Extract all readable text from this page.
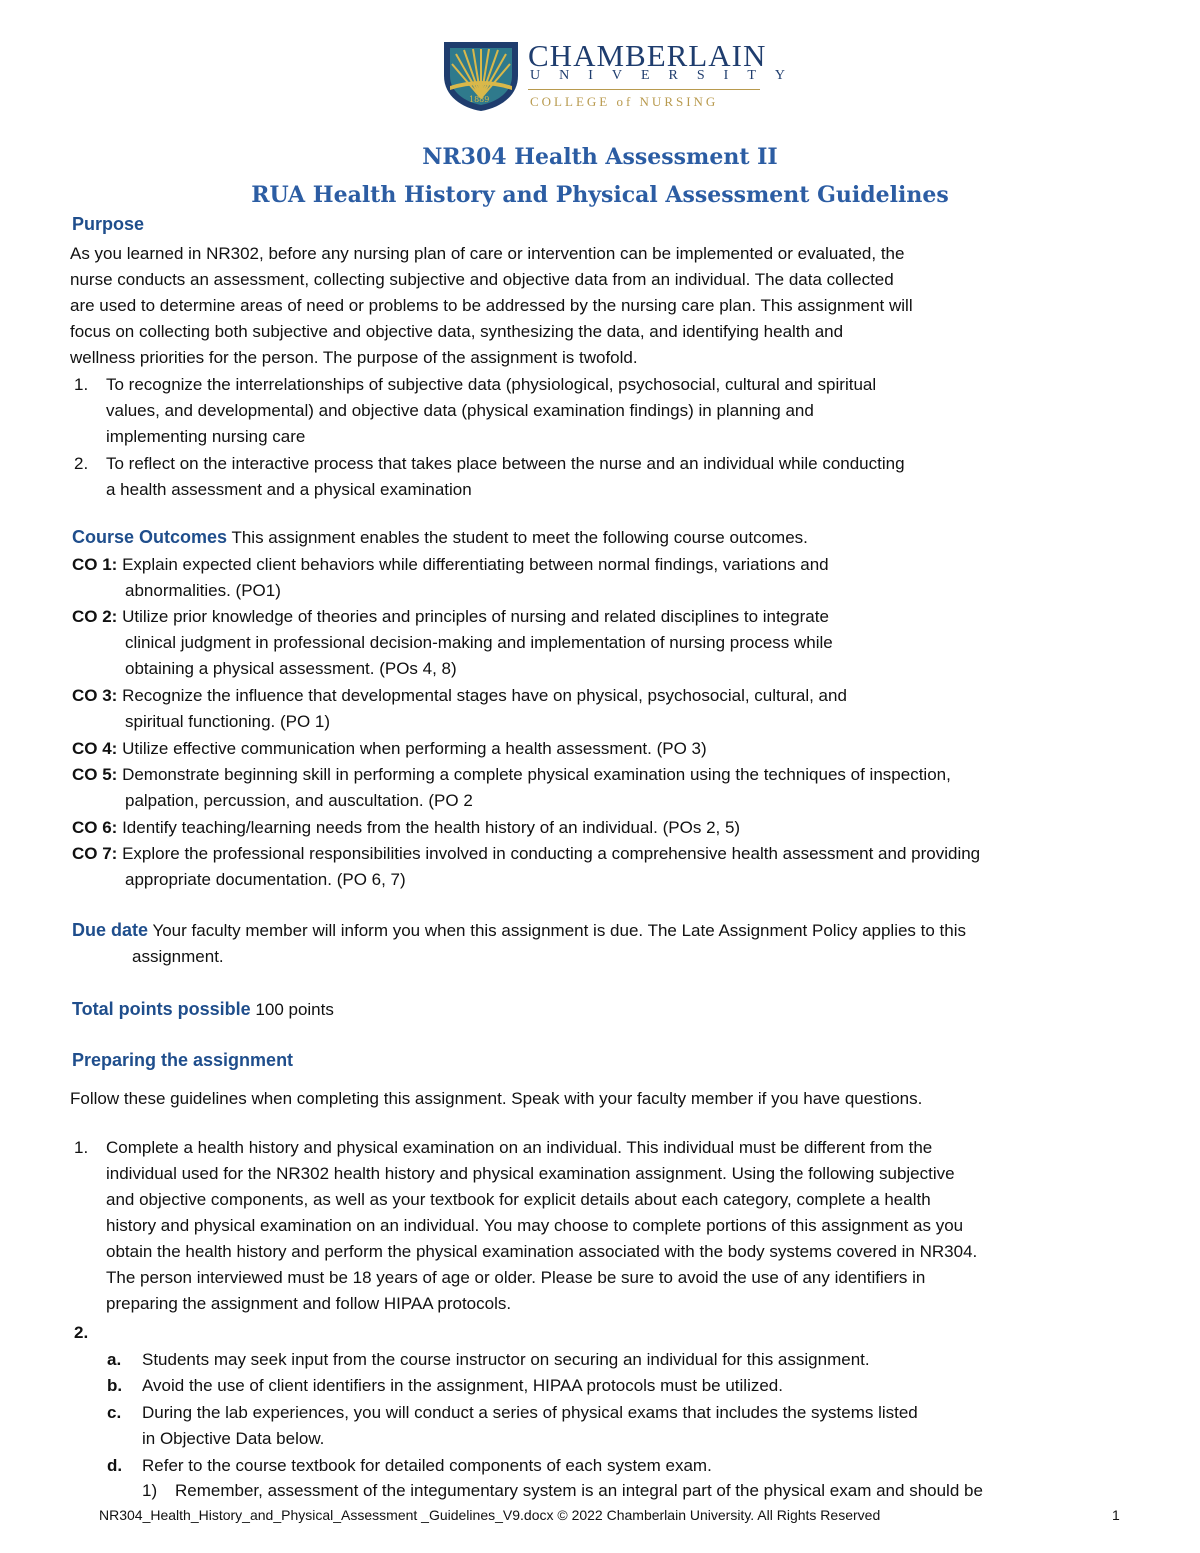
1889
CHAMBERLAIN
UNIVERSITY
COLLEGE of NURSING
NR304 Health Assessment II
RUA Health History and Physical Assessment Guidelines
Purpose
As you learned in NR302, before any nursing plan of care or intervention can be implemented or evaluated, the
nurse conducts an assessment, collecting subjective and objective data from an individual. The data collected
are used to determine areas of need or problems to be addressed by the nursing care plan. This assignment will
focus on collecting both subjective and objective data, synthesizing the data, and identifying health and
wellness priorities for the person. The purpose of the assignment is twofold.
1. To recognize the interrelationships of subjective data (physiological, psychosocial, cultural and spiritual
values, and developmental) and objective data (physical examination findings) in planning and
implementing nursing care
2. To reflect on the interactive process that takes place between the nurse and an individual while conducting
a health assessment and a physical examination
Course Outcomes This assignment enables the student to meet the following course outcomes.
CO 1: Explain expected client behaviors while differentiating between normal findings, variations and
abnormalities. (PO1)
CO 2: Utilize prior knowledge of theories and principles of nursing and related disciplines to integrate
clinical judgment in professional decision-making and implementation of nursing process while
obtaining a physical assessment. (POs 4, 8)
CO 3: Recognize the influence that developmental stages have on physical, psychosocial, cultural, and
spiritual functioning. (PO 1)
CO 4: Utilize effective communication when performing a health assessment. (PO 3)
CO 5: Demonstrate beginning skill in performing a complete physical examination using the techniques of inspection,
palpation, percussion, and auscultation. (PO 2
CO 6: Identify teaching/learning needs from the health history of an individual. (POs 2, 5)
CO 7: Explore the professional responsibilities involved in conducting a comprehensive health assessment and providing
appropriate documentation. (PO 6, 7)
Due date Your faculty member will inform you when this assignment is due. The Late Assignment Policy applies to this
assignment.
Total points possible 100 points
Preparing the assignment
Follow these guidelines when completing this assignment. Speak with your faculty member if you have questions.
1. Complete a health history and physical examination on an individual. This individual must be different from the
individual used for the NR302 health history and physical examination assignment. Using the following subjective
and objective components, as well as your textbook for explicit details about each category, complete a health
history and physical examination on an individual. You may choose to complete portions of this assignment as you
obtain the health history and perform the physical examination associated with the body systems covered in NR304.
The person interviewed must be 18 years of age or older. Please be sure to avoid the use of any identifiers in
preparing the assignment and follow HIPAA protocols.
2.
a. Students may seek input from the course instructor on securing an individual for this assignment.
b. Avoid the use of client identifiers in the assignment, HIPAA protocols must be utilized.
c. During the lab experiences, you will conduct a series of physical exams that includes the systems listed
in Objective Data below.
d. Refer to the course textbook for detailed components of each system exam.
1) Remember, assessment of the integumentary system is an integral part of the physical exam and should be
NR304_Health_History_and_Physical_Assessment _Guidelines_V9.docx © 2022 Chamberlain University. All Rights Reserved	1
